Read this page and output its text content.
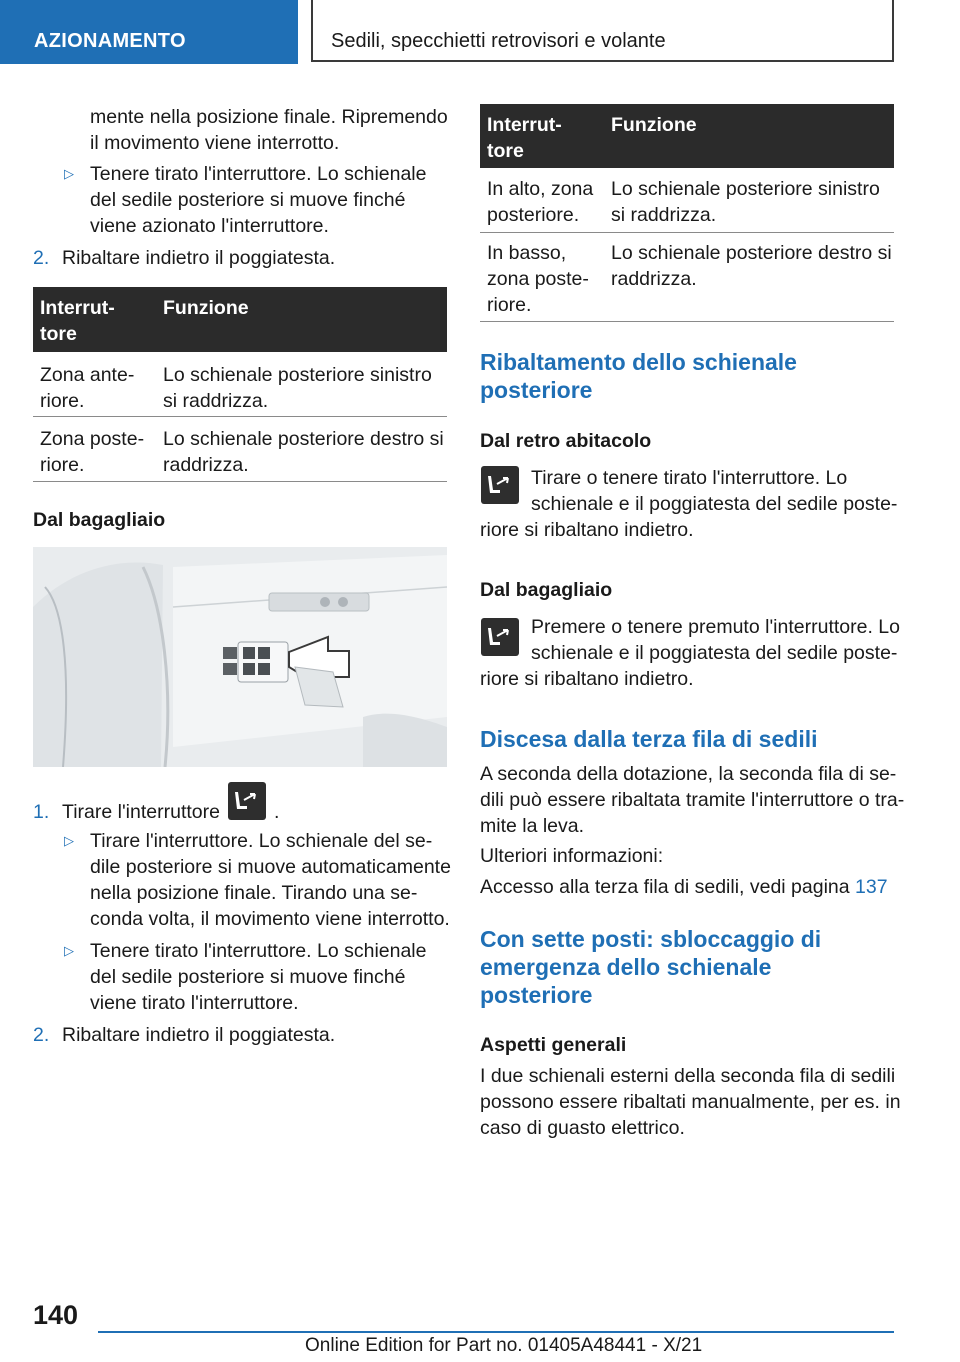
AZIONAMENTO	Sedili, specchietti retrovisori e volante
mente nella posizione finale. Ripremendo
il movimento viene interrotto.
▷ Tenere tirato l'interruttore. Lo schienale
del sedile posteriore si muove finché
viene azionato l'interruttore.
2. Ribaltare indietro il poggiatesta.
Interrut-
tore
Funzione
Zona ante-
riore.
Lo schienale posteriore sinistro
si raddrizza.
Zona poste-
riore.
Lo schienale posteriore destro si
raddrizza.
Dal bagagliaio
1. Tirare l'interruttore	.
▷ Tirare l'interruttore. Lo schienale del se-
dile posteriore si muove automaticamente
nella posizione finale. Tirando una se-
conda volta, il movimento viene interrotto.
▷ Tenere tirato l'interruttore. Lo schienale
del sedile posteriore si muove finché
viene tirato l'interruttore.
2. Ribaltare indietro il poggiatesta.
Interrut-
tore
Funzione
In alto, zona
posteriore.
Lo schienale posteriore sinistro
si raddrizza.
In basso,
zona poste-
riore.
Lo schienale posteriore destro si
raddrizza.
Ribaltamento dello schienale
posteriore
Dal retro abitacolo
Tirare o tenere tirato l'interruttore. Lo
schienale e il poggiatesta del sedile poste-
riore si ribaltano indietro.
Dal bagagliaio
Premere o tenere premuto l'interruttore. Lo
schienale e il poggiatesta del sedile poste-
riore si ribaltano indietro.
Discesa dalla terza fila di sedili
A seconda della dotazione, la seconda fila di se-
dili può essere ribaltata tramite l'interruttore o tra-
mite la leva.
Ulteriori informazioni:
Accesso alla terza fila di sedili, vedi pagina 137
Con sette posti: sbloccaggio di
emergenza dello schienale
posteriore
Aspetti generali
I due schienali esterni della seconda fila di sedili
possono essere ribaltati manualmente, per es. in
caso di guasto elettrico.
140
Online Edition for Part no. 01405A48441 - X/21
